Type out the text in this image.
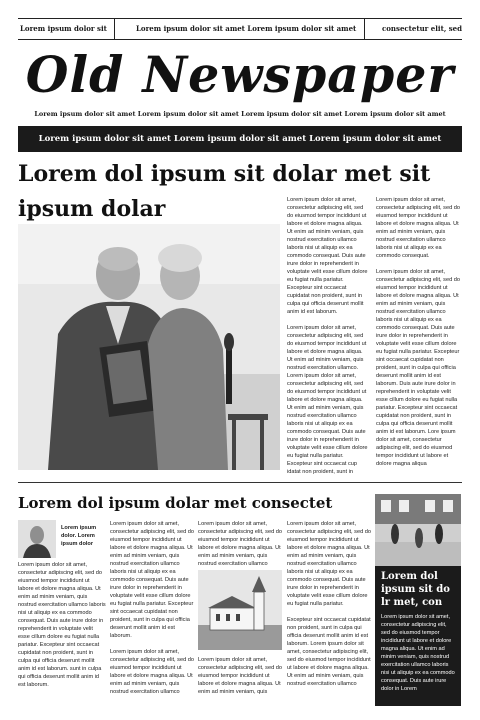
Lorem ipsum dolor sit	Lorem ipsum dolor sit amet Lorem ipsum dolor sit amet	consectetur elit, sed
Old Newspaper
Lorem ipsum dolor sit amet Lorem ipsum dolor sit amet Lorem ipsum dolor sit amet Lorem ipsum dolor sit amet
Lorem ipsum dolor sit amet Lorem ipsum dolor sit amet Lorem ipsum dolor sit amet
Lorem dol ipsum sit dolar met sit ipsum dolar	Lorem ipsum dolor sit amet, consectetur adipiscing elit, sed do eiusmod tempor incididunt ut labore et dolore magna aliqua. Ut enim ad minim veniam, quis nostrud exercitation ullamco laboris nisi ut aliquip ex ea commodo consequat. Duis aute irure dolor in reprehenderit in voluptate velit esse cillum dolore eu fugiat nulla pariatur. Excepteur sint occaecat cupidatat non proident, sunt in culpa qui officia deserunt mollit anim id est laborum.

Lorem ipsum dolor sit amet, consectetur adipiscing elit, sed do eiusmod tempor incididunt ut labore et dolore magna aliqua. Ut enim ad minim veniam, quis nostrud exercitation ullamco. Lorem ipsum dolor sit amet, consectetur adipiscing elit, sed do eiusmod tempor incididunt ut labore et dolore magna aliqua. Ut enim ad minim veniam, quis nostrud exercitation ullamco laboris nisi ut aliquip ex ea commodo consequat. Duis aute irure dolor in reprehenderit in voluptate velit esse cillum dolore eu fugiat nulla pariatur. Excepteur sint occaecat cup idatat non proident, sunt in

Lorem ipsum dolor sit amet, consectetur adipiscing elit, sed do eiusmod tempor incididunt ut labore et dolore magna aliqua. Ut enim ad minim veniam, quis nostrud exercitation ullamco laboris nisi ut aliquip ex ea commodo consequat.

Lorem ipsum dolor sit amet, consectetur adipiscing elit, sed do eiusmod tempor incididunt ut labore et dolore magna aliqua. Ut enim ad minim veniam, quis nostrud exercitation ullamco laboris nisi ut aliquip ex ea commodo consequat. Duis aute irure dolor in reprehenderit in voluptate velit esse cillum dolore eu fugiat nulla pariatur. Excepteur sint occaecat cupidatat non proident, sunt in culpa qui officia deserunt mollit anim id est laborum. Duis aute irure dolor in reprehenderit in voluptate velit esse cillum dolore eu fugiat nulla pariatur. Excepteur sint occaecat cupidatat non proident, sunt in culpa qui officia deserunt mollit anim id est laborum. Lore ipsum dolor sit amet, consectetur adipiscing elit, sed do eiusmod tempor incididunt ut labore et dolore magna aliqua

Lorem dol ipsum dolar met consectet
Lorem ipsum dolor. Lorem ipsum dolor

Lorem ipsum dolor sit amet, consectetur adipiscing elit, sed do eiusmod tempor incididunt ut labore et dolore magna aliqua. Ut enim ad minim veniam, quis nostrud exercitation ullamco laboris nisi ut aliquip ex ea commodo consequat. Duis aute irure dolor in reprehenderit in voluptate velit esse cillum dolore eu fugiat nulla pariatur. Excepteur sint occaecat cupidatat non proident, sunt in culpa qui officia deserunt mollit anim id est laborum. sunt in culpa qui officia deserunt mollit anim id est laborum.

Lorem ipsum dolor sit amet, consectetur adipiscing elit, sed do eiusmod tempor incididunt ut labore et dolore magna aliqua. Ut enim ad minim veniam, quis nostrud exercitation ullamco laboris nisi ut aliquip ex ea commodo consequat. Duis aute irure dolor in reprehenderit in voluptate velit esse cillum dolore eu fugiat nulla pariatur. Excepteur sint occaecat cupidatat non proident, sunt in culpa qui officia deserunt mollit anim id est laborum.

Lorem ipsum dolor sit amet, consectetur adipiscing elit, sed do eiusmod tempor incididunt ut labore et dolore magna aliqua. Ut enim ad minim veniam, quis nostrud exercitation ullamco

Lorem ipsum dolor sit amet, consectetur adipiscing elit, sed do eiusmod tempor incididunt ut labore et dolore magna aliqua. Ut enim ad minim veniam, quis nostrud exercitation ullamco

Lorem ipsum dolor sit amet, consectetur adipiscing elit, sed do eiusmod tempor incididunt ut labore et dolore magna aliqua. Ut enim ad minim veniam, quis

Lorem ipsum dolor sit amet, consectetur adipiscing elit, sed do eiusmod tempor incididunt ut labore et dolore magna aliqua. Ut enim ad minim veniam, quis nostrud exercitation ullamco laboris nisi ut aliquip ex ea commodo consequat. Duis aute irure dolor in reprehenderit in voluptate velit esse cillum dolore eu fugiat nulla pariatur.

Excepteur sint occaecat cupidatat non proident, sunt in culpa qui officia deserunt mollit anim id est laborum. Lorem ipsum dolor sit amet, consectetur adipiscing elit, sed do eiusmod tempor incididunt ut labore et dolore magna aliqua. Ut enim ad minim veniam, quis nostrud exercitation ullamco

Lorem dol ipsum sit do lr met, con
Lorem ipsum dolor sit amet, consectetur adipiscing elit, sed do eiusmod tempor incididunt ut labore et dolore magna aliqua. Ut enim ad minim veniam, quis nostrud exercitation ullamco laboris nisi ut aliquip ex ea commodo consequat. Duis aute irure dolor in Lorem
